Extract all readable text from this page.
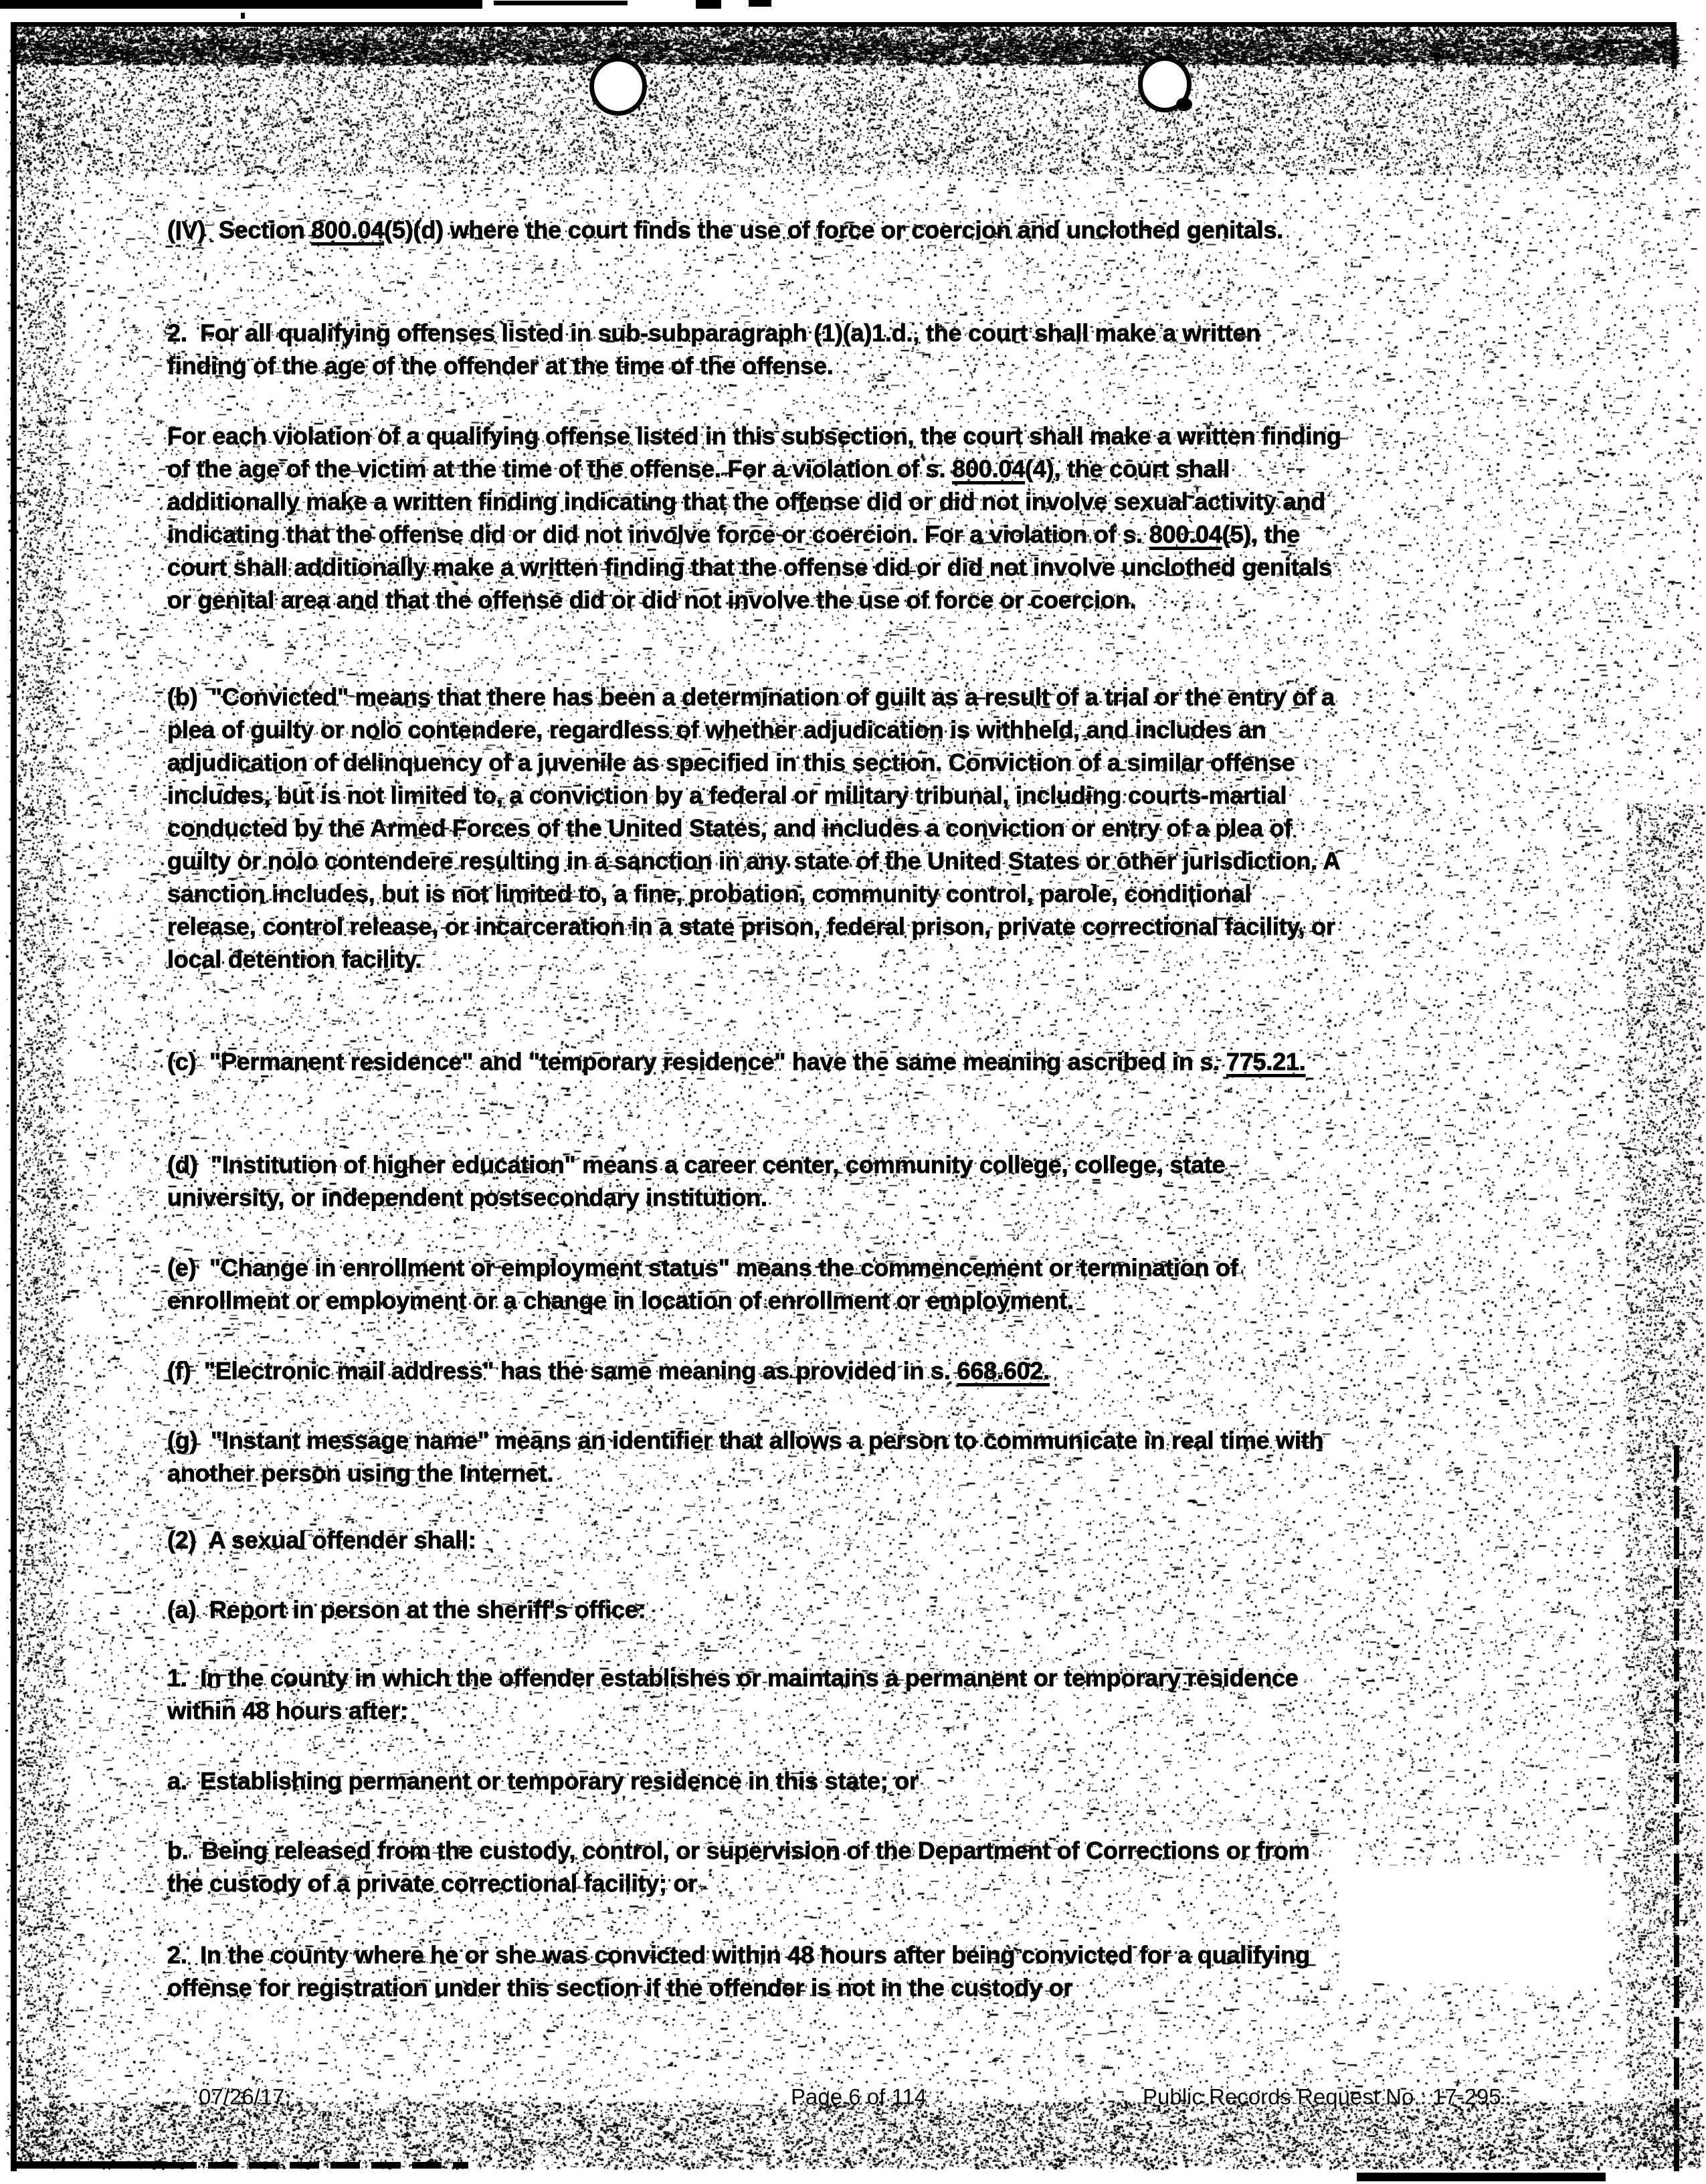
(IV)  Section 800.04(5)(d) where the court finds the use of force or coercion and unclothed genitals.
2.  For all qualifying offenses listed in sub-subparagraph (1)(a)1.d., the court shall make a written finding of the age of the offender at the time of the offense.
For each violation of a qualifying offense listed in this subsection, the court shall make a written finding of the age of the victim at the time of the offense. For a violation of s. 800.04(4), the court shall additionally make a written finding indicating that the offense did or did not involve sexual activity and indicating that the offense did or did not involve force or coercion. For a violation of s. 800.04(5), the court shall additionally make a written finding that the offense did or did not involve unclothed genitals or genital area and that the offense did or did not involve the use of force or coercion.
(b)  "Convicted" means that there has been a determination of guilt as a result of a trial or the entry of a plea of guilty or nolo contendere, regardless of whether adjudication is withheld, and includes an adjudication of delinquency of a juvenile as specified in this section. Conviction of a similar offense includes, but is not limited to, a conviction by a federal or military tribunal, including courts-martial conducted by the Armed Forces of the United States, and includes a conviction or entry of a plea of guilty or nolo contendere resulting in a sanction in any state of the United States or other jurisdiction. A sanction includes, but is not limited to, a fine, probation, community control, parole, conditional release, control release, or incarceration in a state prison, federal prison, private correctional facility, or local detention facility.
(c)  "Permanent residence" and "temporary residence" have the same meaning ascribed in s. 775.21.
(d)  "Institution of higher education" means a career center, community college, college, state university, or independent postsecondary institution.
(e)  "Change in enrollment or employment status" means the commencement or termination of enrollment or employment or a change in location of enrollment or employment.
(f)  "Electronic mail address" has the same meaning as provided in s. 668.602.
(g)  "Instant message name" means an identifier that allows a person to communicate in real time with another person using the Internet.
(2)  A sexual offender shall:
(a)  Report in person at the sheriff's office:
1.  In the county in which the offender establishes or maintains a permanent or temporary residence within 48 hours after:
a.  Establishing permanent or temporary residence in this state; or
b.  Being released from the custody, control, or supervision of the Department of Corrections or from the custody of a private correctional facility; or
2.  In the county where he or she was convicted within 48 hours after being convicted for a qualifying offense for registration under this section if the offender is not in the custody or
07/26/17	Page 6 of 114	Public Records Request No.: 17-295
